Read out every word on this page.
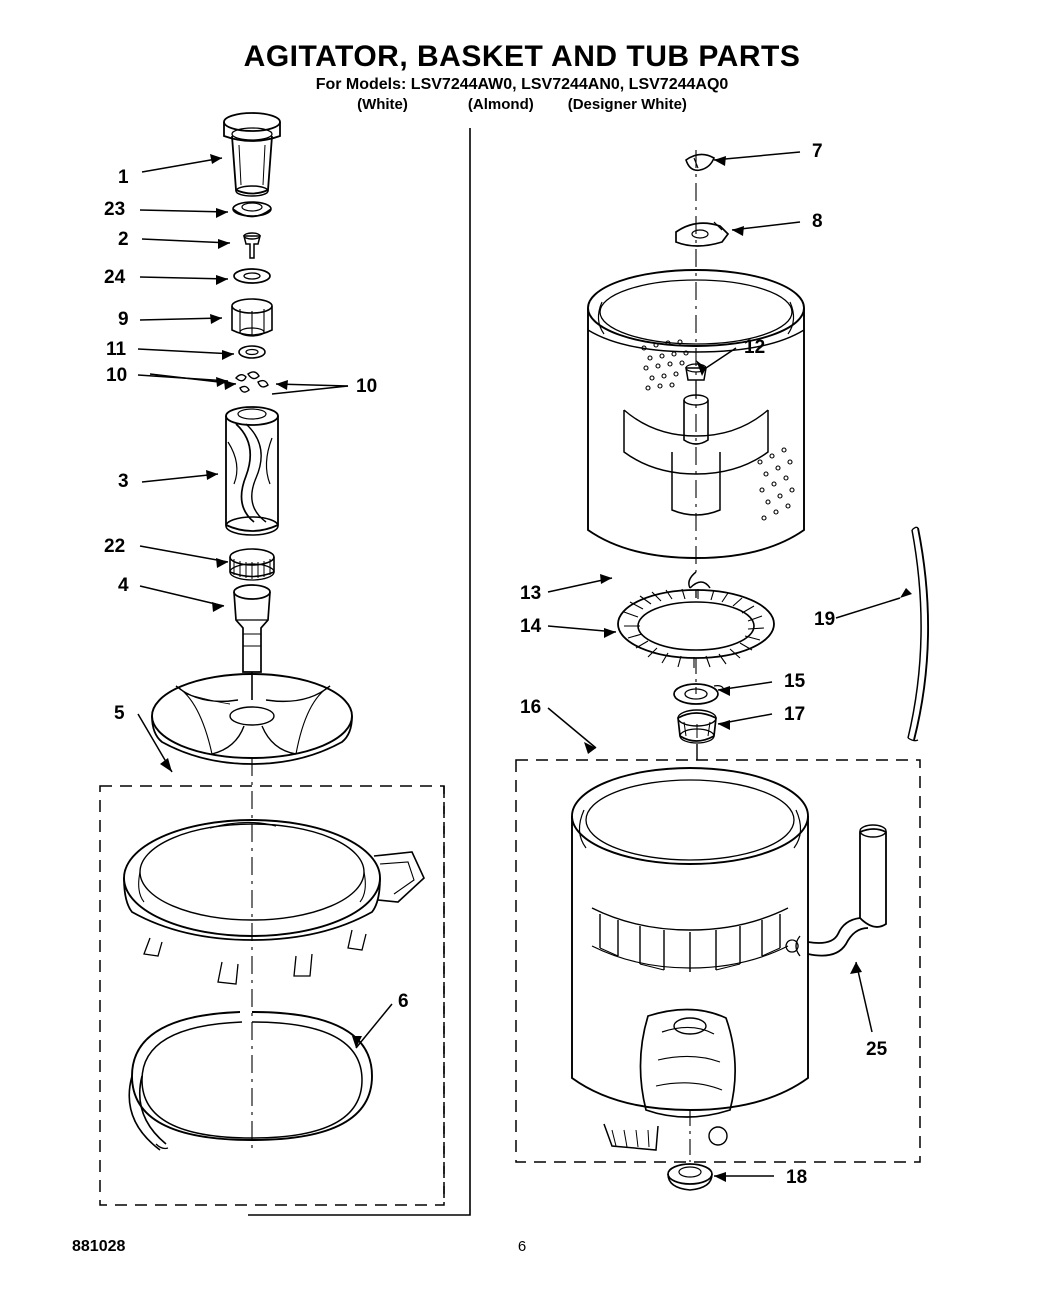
AGITATOR, BASKET AND TUB PARTS
For Models: LSV7244AW0, LSV7244AN0, LSV7244AQ0
(White)	(Almond) (Designer White)
1
23
2
24
9
11
10
10
3
22
4
5
6
7
8
12
13
14	19
15
16	17
25
18
881028	6
